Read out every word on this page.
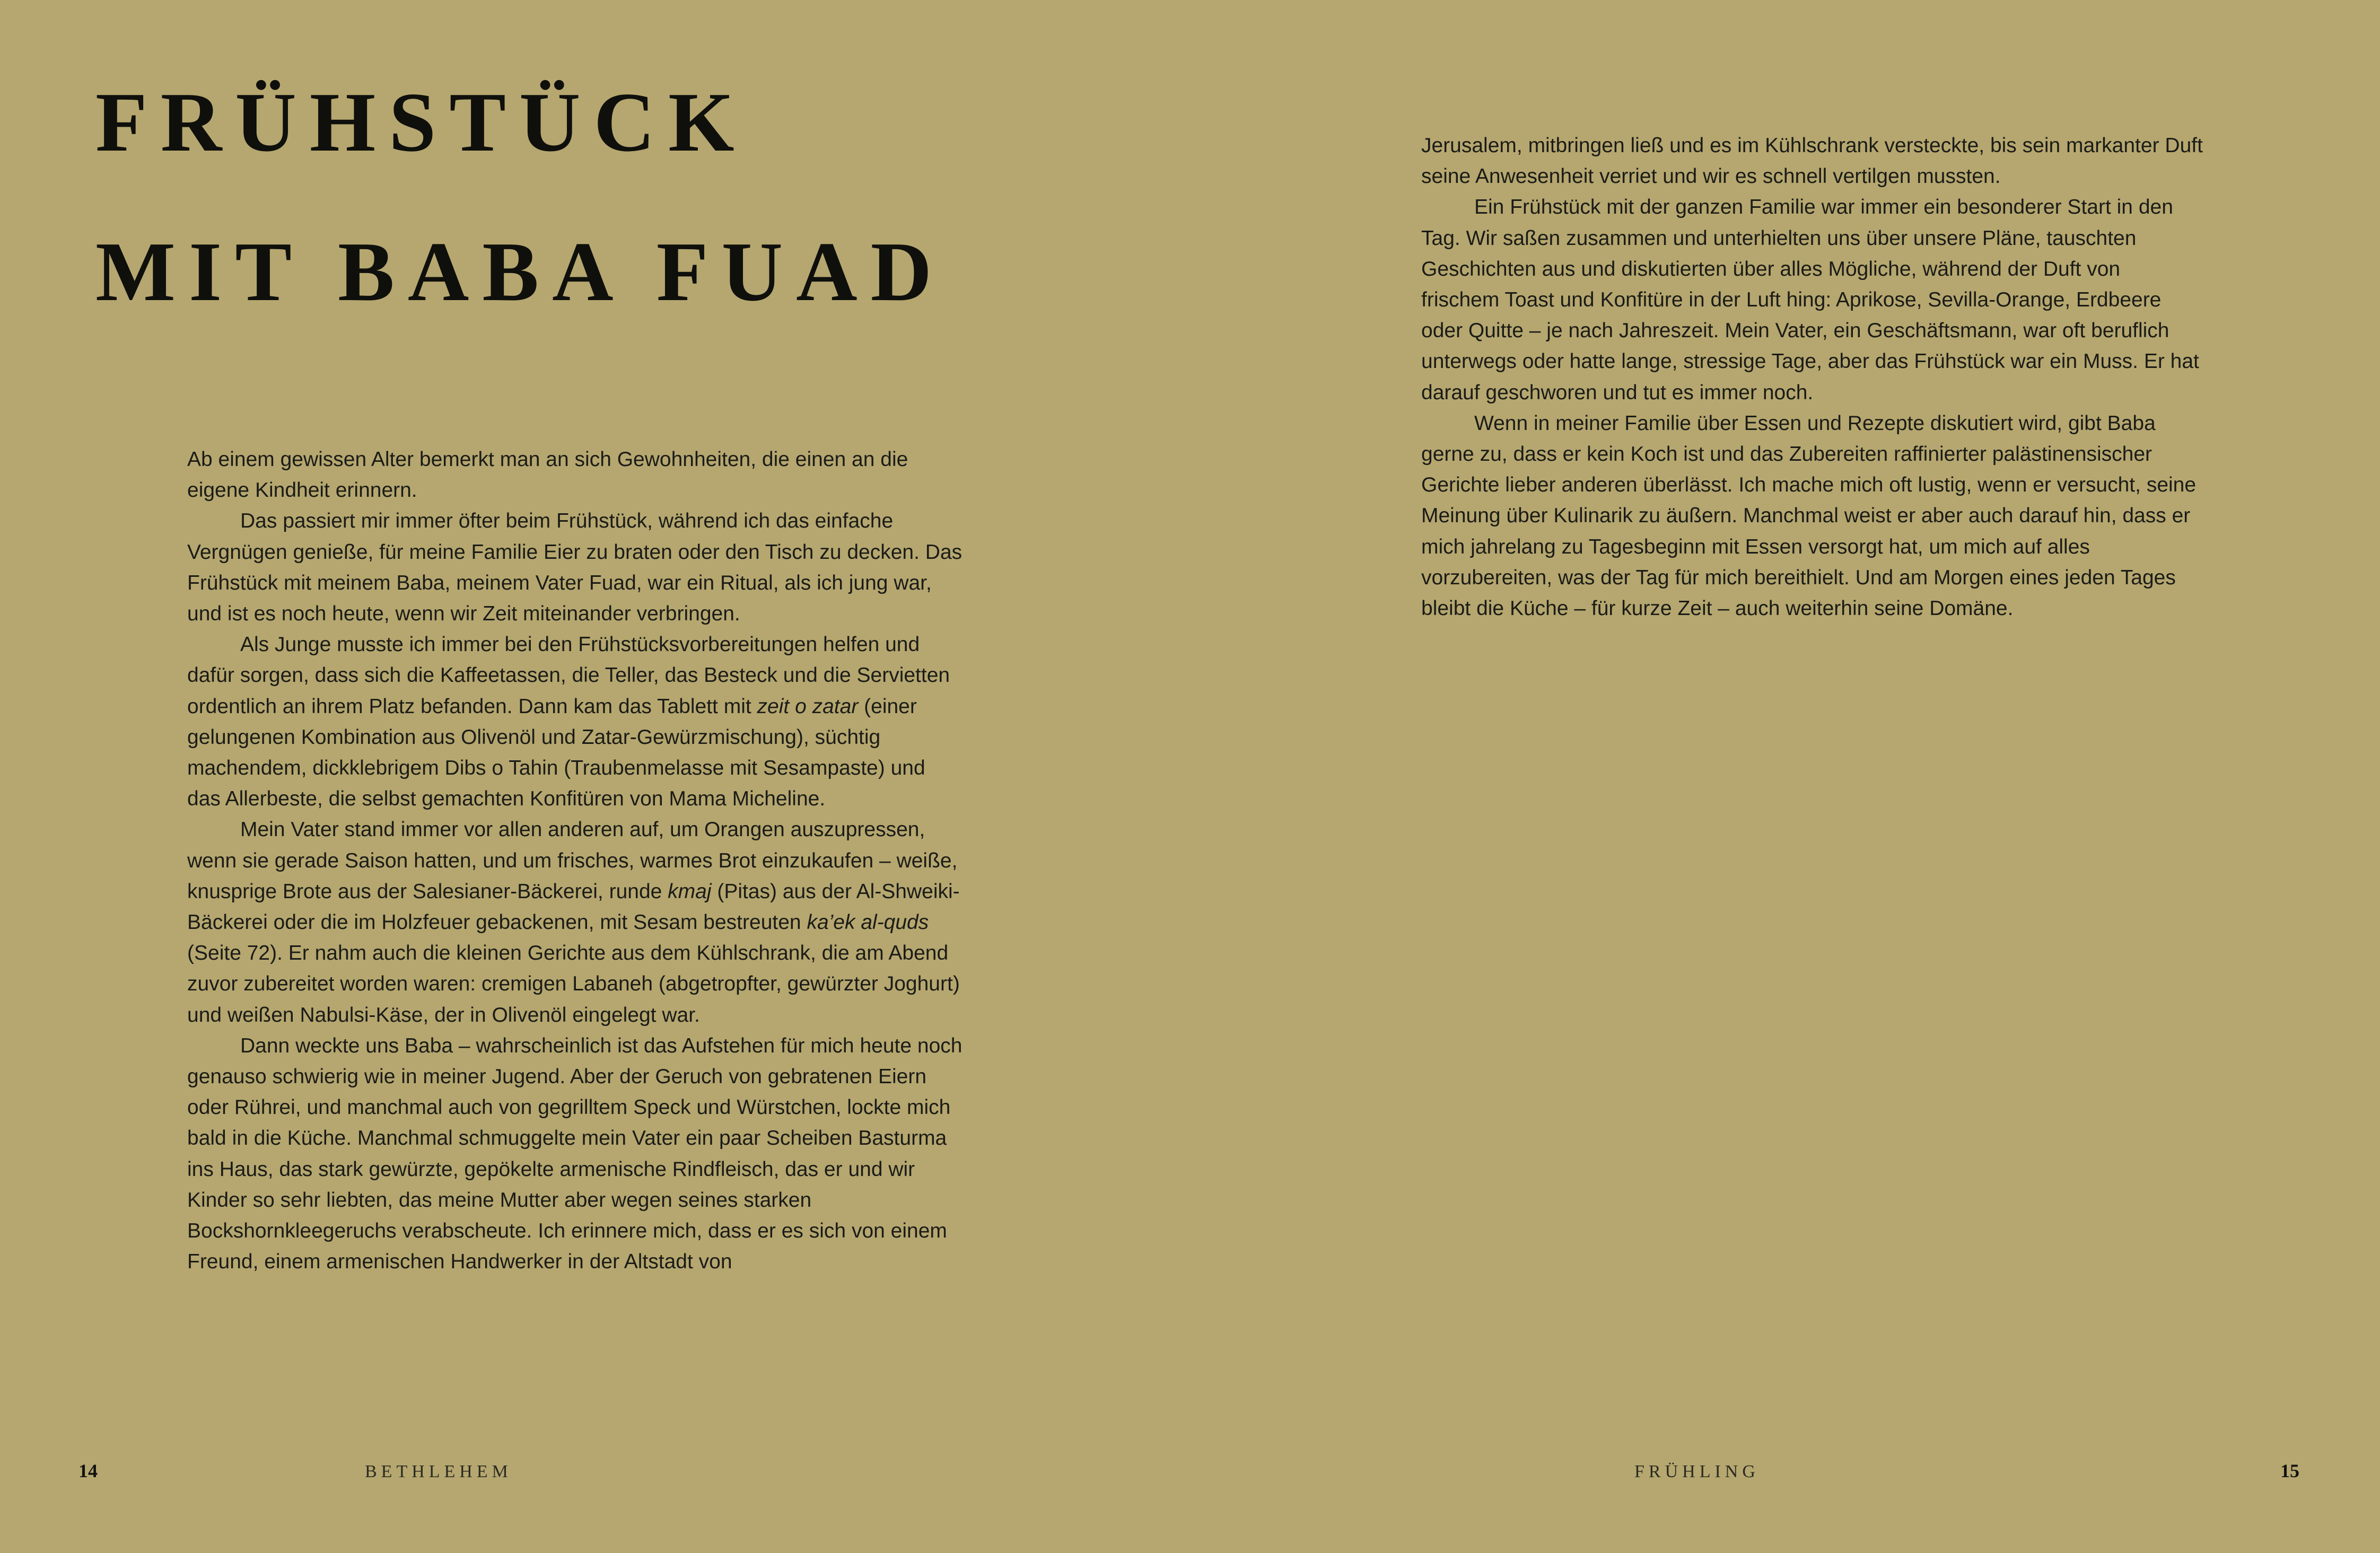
FRÜHSTÜCK
MIT BABA FUAD

Ab einem gewissen Alter bemerkt man an sich Gewohnheiten, die einen an die eigene Kindheit erinnern.

Das passiert mir immer öfter beim Frühstück, während ich das einfache Vergnügen genieße, für meine Familie Eier zu braten oder den Tisch zu decken. Das Frühstück mit meinem Baba, meinem Vater Fuad, war ein Ritual, als ich jung war, und ist es noch heute, wenn wir Zeit miteinander verbringen.

Als Junge musste ich immer bei den Frühstücksvorbereitungen helfen und dafür sorgen, dass sich die Kaffeetassen, die Teller, das Besteck und die Servietten ordentlich an ihrem Platz befanden. Dann kam das Tablett mit zeit o zatar (einer gelungenen Kombination aus Olivenöl und Zatar-Gewürzmischung), süchtig machendem, dickklebrigem Dibs o Tahin (Traubenmelasse mit Sesampaste) und das Allerbeste, die selbst gemachten Konfitüren von Mama Micheline.

Mein Vater stand immer vor allen anderen auf, um Orangen auszupressen, wenn sie gerade Saison hatten, und um frisches, warmes Brot einzukaufen – weiße, knusprige Brote aus der Salesianer-Bäckerei, runde kmaj (Pitas) aus der Al-Shweiki-Bäckerei oder die im Holzfeuer gebackenen, mit Sesam bestreuten ka’ek al-quds (Seite 72). Er nahm auch die kleinen Gerichte aus dem Kühlschrank, die am Abend zuvor zubereitet worden waren: cremigen Labaneh (abgetropfter, gewürzter Joghurt) und weißen Nabulsi-Käse, der in Olivenöl eingelegt war.

Dann weckte uns Baba – wahrscheinlich ist das Aufstehen für mich heute noch genauso schwierig wie in meiner Jugend. Aber der Geruch von gebratenen Eiern oder Rührei, und manchmal auch von gegrilltem Speck und Würstchen, lockte mich bald in die Küche. Manchmal schmuggelte mein Vater ein paar Scheiben Basturma ins Haus, das stark gewürzte, gepökelte armenische Rindfleisch, das er und wir Kinder so sehr liebten, das meine Mutter aber wegen seines starken Bockshornkleegeruchs verabscheute. Ich erinnere mich, dass er es sich von einem Freund, einem armenischen Handwerker in der Altstadt von

Jerusalem, mitbringen ließ und es im Kühlschrank versteckte, bis sein markanter Duft seine Anwesenheit verriet und wir es schnell vertilgen mussten.

Ein Frühstück mit der ganzen Familie war immer ein besonderer Start in den Tag. Wir saßen zusammen und unterhielten uns über unsere Pläne, tauschten Geschichten aus und diskutierten über alles Mögliche, während der Duft von frischem Toast und Konfitüre in der Luft hing: Aprikose, Sevilla-Orange, Erdbeere oder Quitte – je nach Jahreszeit. Mein Vater, ein Geschäftsmann, war oft beruflich unterwegs oder hatte lange, stressige Tage, aber das Frühstück war ein Muss. Er hat darauf geschworen und tut es immer noch.

Wenn in meiner Familie über Essen und Rezepte diskutiert wird, gibt Baba gerne zu, dass er kein Koch ist und das Zubereiten raffinierter palästinensischer Gerichte lieber anderen überlässt. Ich mache mich oft lustig, wenn er versucht, seine Meinung über Kulinarik zu äußern. Manchmal weist er aber auch darauf hin, dass er mich jahrelang zu Tagesbeginn mit Essen versorgt hat, um mich auf alles vorzubereiten, was der Tag für mich bereithielt. Und am Morgen eines jeden Tages bleibt die Küche – für kurze Zeit – auch weiterhin seine Domäne.

14	BETHLEHEM	FRÜHLING	15
